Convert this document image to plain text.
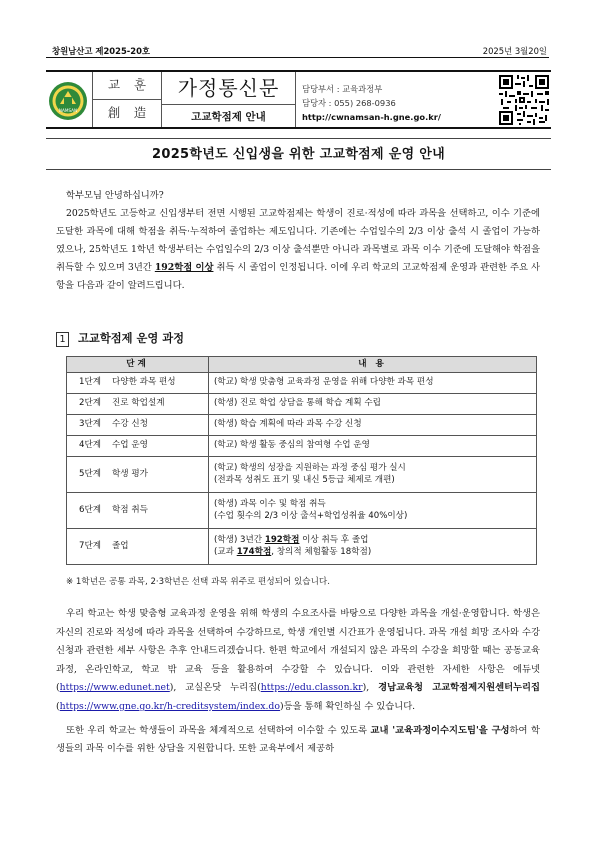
창원남산고 제2025-20호	2025년 3월20일
NAMSAN
교 훈
創 造
가정통신문
고교학점제 안내
담당부서 : 교육과정부
담당자 : 055) 268-0936
http://cwnamsan-h.gne.go.kr/
2025학년도 신입생을 위한 고교학점제 운영 안내

학부모님 안녕하십니까?

2025학년도 고등학교 신입생부터 전면 시행된 고교학점제는 학생이 진로·적성에 따라 과목을 선택하고, 이수 기준에 도달한 과목에 대해 학점을 취득·누적하여 졸업하는 제도입니다. 기존에는 수업일수의 2/3 이상 출석 시 졸업이 가능하였으나, 25학년도 1학년 학생부터는 수업일수의 2/3 이상 출석뿐만 아니라 과목별로 과목 이수 기준에 도달해야 학점을 취득할 수 있으며 3년간 192학점 이상 취득 시 졸업이 인정됩니다. 이에 우리 학교의 고교학점제 운영과 관련한 주요 사항을 다음과 같이 알려드립니다.

1	고교학점제 운영 과정
단계	내 용
1단계 다양한 과목 편성	(학교) 학생 맞춤형 교육과정 운영을 위해 다양한 과목 편성
2단계 진로 학업설계	(학생) 진로 학업 상담을 통해 학습 계획 수립
3단계 수강 신청	(학생) 학습 계획에 따라 과목 수강 신청
4단계 수업 운영	(학교) 학생 활동 중심의 참여형 수업 운영
5단계 학생 평가	(학교) 학생의 성장을 지원하는 과정 중심 평가 실시
(전과목 성취도 표기 및 내신 5등급 체제로 개편)

6단계 학점 취득	(학생) 과목 이수 및 학점 취득
(수업 횟수의 2/3 이상 출석+학업성취율 40%이상)

7단계 졸업	(학생) 3년간 192학점 이상 취득 후 졸업
(교과 174학점, 창의적 체험활동 18학점)
※ 1학년은 공통 과목, 2·3학년은 선택 과목 위주로 편성되어 있습니다.

우리 학교는 학생 맞춤형 교육과정 운영을 위해 학생의 수요조사를 바탕으로 다양한 과목을 개설·운영합니다. 학생은 자신의 진로와 적성에 따라 과목을 선택하여 수강하므로, 학생 개인별 시간표가 운영됩니다. 과목 개설 희망 조사와 수강 신청과 관련한 세부 사항은 추후 안내드리겠습니다. 한편 학교에서 개설되지 않은 과목의 수강을 희망할 때는 공동교육과정, 온라인학교, 학교 밖 교육 등을 활용하여 수강할 수 있습니다. 이와 관련한 자세한 사항은 에듀넷(https://www.edunet.net), 교실온닷 누리집(https://edu.classon.kr), 경남교육청 고교학점제지원센터누리집(https://www.gne.go.kr/h-creditsystem/index.do)등을 통해 확인하실 수 있습니다.

또한 우리 학교는 학생들이 과목을 체계적으로 선택하여 이수할 수 있도록 교내 '교육과정이수지도팀'을 구성하여 학생들의 과목 이수를 위한 상담을 지원합니다. 또한 교육부에서 제공하
